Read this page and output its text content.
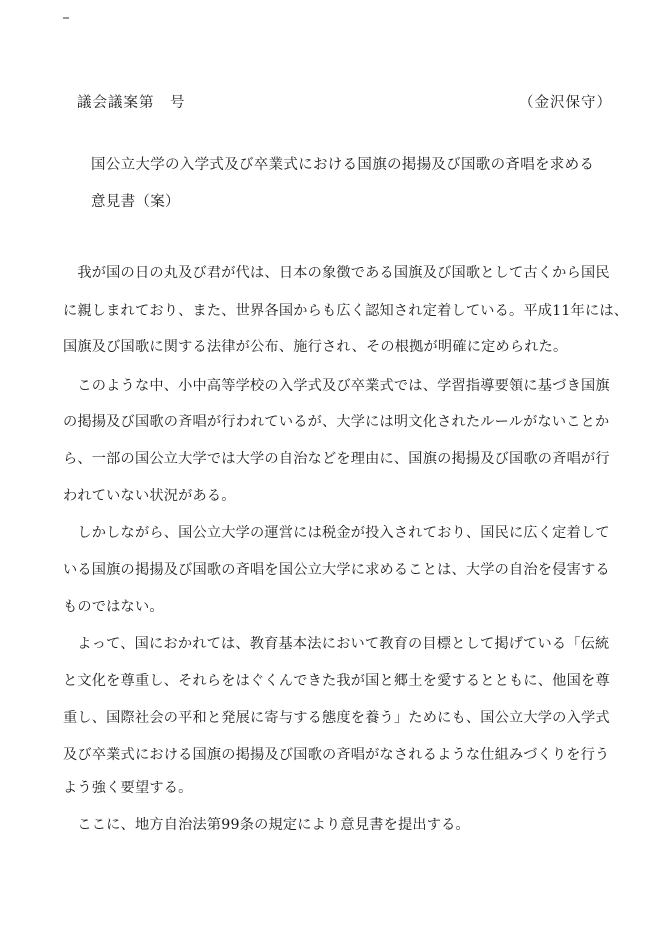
議会議案第　号	（金沢保守）
国公立大学の入学式及び卒業式における国旗の掲揚及び国歌の斉唱を求める
意見書（案）
　我が国の日の丸及び君が代は、日本の象徴である国旗及び国歌として古くから国民
に親しまれており、また、世界各国からも広く認知され定着している。平成11年には、
国旗及び国歌に関する法律が公布、施行され、その根拠が明確に定められた。
　このような中、小中高等学校の入学式及び卒業式では、学習指導要領に基づき国旗
の掲揚及び国歌の斉唱が行われているが、大学には明文化されたルールがないことか
ら、一部の国公立大学では大学の自治などを理由に、国旗の掲揚及び国歌の斉唱が行
われていない状況がある。
　しかしながら、国公立大学の運営には税金が投入されており、国民に広く定着して
いる国旗の掲揚及び国歌の斉唱を国公立大学に求めることは、大学の自治を侵害する
ものではない。
　よって、国におかれては、教育基本法において教育の目標として掲げている「伝統
と文化を尊重し、それらをはぐくんできた我が国と郷土を愛するとともに、他国を尊
重し、国際社会の平和と発展に寄与する態度を養う」ためにも、国公立大学の入学式
及び卒業式における国旗の掲揚及び国歌の斉唱がなされるような仕組みづくりを行う
よう強く要望する。
　ここに、地方自治法第99条の規定により意見書を提出する。
